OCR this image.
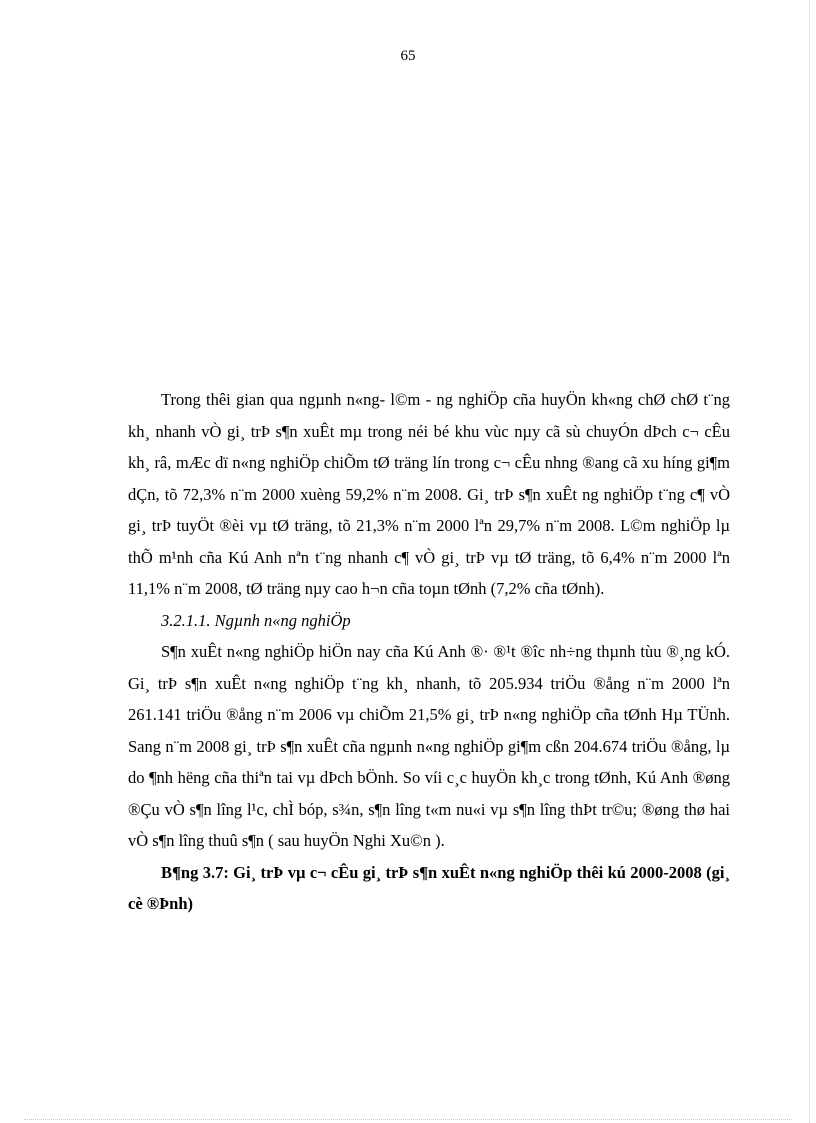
65

Trong thêi gian qua ngµnh n«ng- l©m - ng nghiÖp cña huyÖn kh«ng chØ chØ t¨ng kh¸ nhanh vÒ gi¸ trÞ s¶n xuÊt mµ trong néi bé khu vùc nµy cã sù chuyÓn dÞch c¬ cÊu kh¸ râ, mÆc dï n«ng nghiÖp chiÕm tØ träng lín trong c¬ cÊu nhng ®ang cã xu híng gi¶m dÇn, tõ 72,3% n¨m 2000 xuèng 59,2% n¨m 2008. Gi¸ trÞ s¶n xuÊt ng nghiÖp t¨ng c¶ vÒ gi¸ trÞ tuyÖt ®èi vµ tØ träng, tõ 21,3% n¨m 2000 lªn 29,7% n¨m 2008. L©m nghiÖp lµ thÕ m¹nh cña Kú Anh nªn t¨ng nhanh c¶ vÒ gi¸ trÞ vµ tØ träng, tõ 6,4% n¨m 2000 lªn 11,1% n¨m 2008, tØ träng nµy cao h¬n cña toµn tØnh (7,2% cña tØnh).

3.2.1.1. Ngµnh n«ng nghiÖp

S¶n xuÊt n«ng nghiÖp hiÖn nay cña Kú Anh ®· ®¹t ®îc nh÷ng thµnh tùu ®¸ng kÓ. Gi¸ trÞ s¶n xuÊt n«ng nghiÖp t¨ng kh¸ nhanh, tõ 205.934 triÖu ®ång n¨m 2000 lªn 261.141 triÖu ®ång n¨m 2006 vµ chiÕm 21,5% gi¸ trÞ n«ng nghiÖp cña tØnh Hµ TÜnh. Sang n¨m 2008 gi¸ trÞ s¶n xuÊt cña ngµnh n«ng nghiÖp gi¶m cßn 204.674 triÖu ®ång, lµ do ¶nh hëng cña thiªn tai vµ dÞch bÖnh. So víi c¸c huyÖn kh¸c trong tØnh, Kú Anh ®øng ®Çu vÒ s¶n lîng l¹c, chÌ bóp, s¾n, s¶n lîng t«m nu«i vµ s¶n lîng thÞt tr©u; ®øng thø hai vÒ s¶n lîng thuû s¶n ( sau huyÖn Nghi Xu©n ).

B¶ng 3.7: Gi¸ trÞ vµ c¬ cÊu gi¸ trÞ s¶n xuÊt n«ng nghiÖp thêi kú 2000-2008 (gi¸ cè ®Þnh)
